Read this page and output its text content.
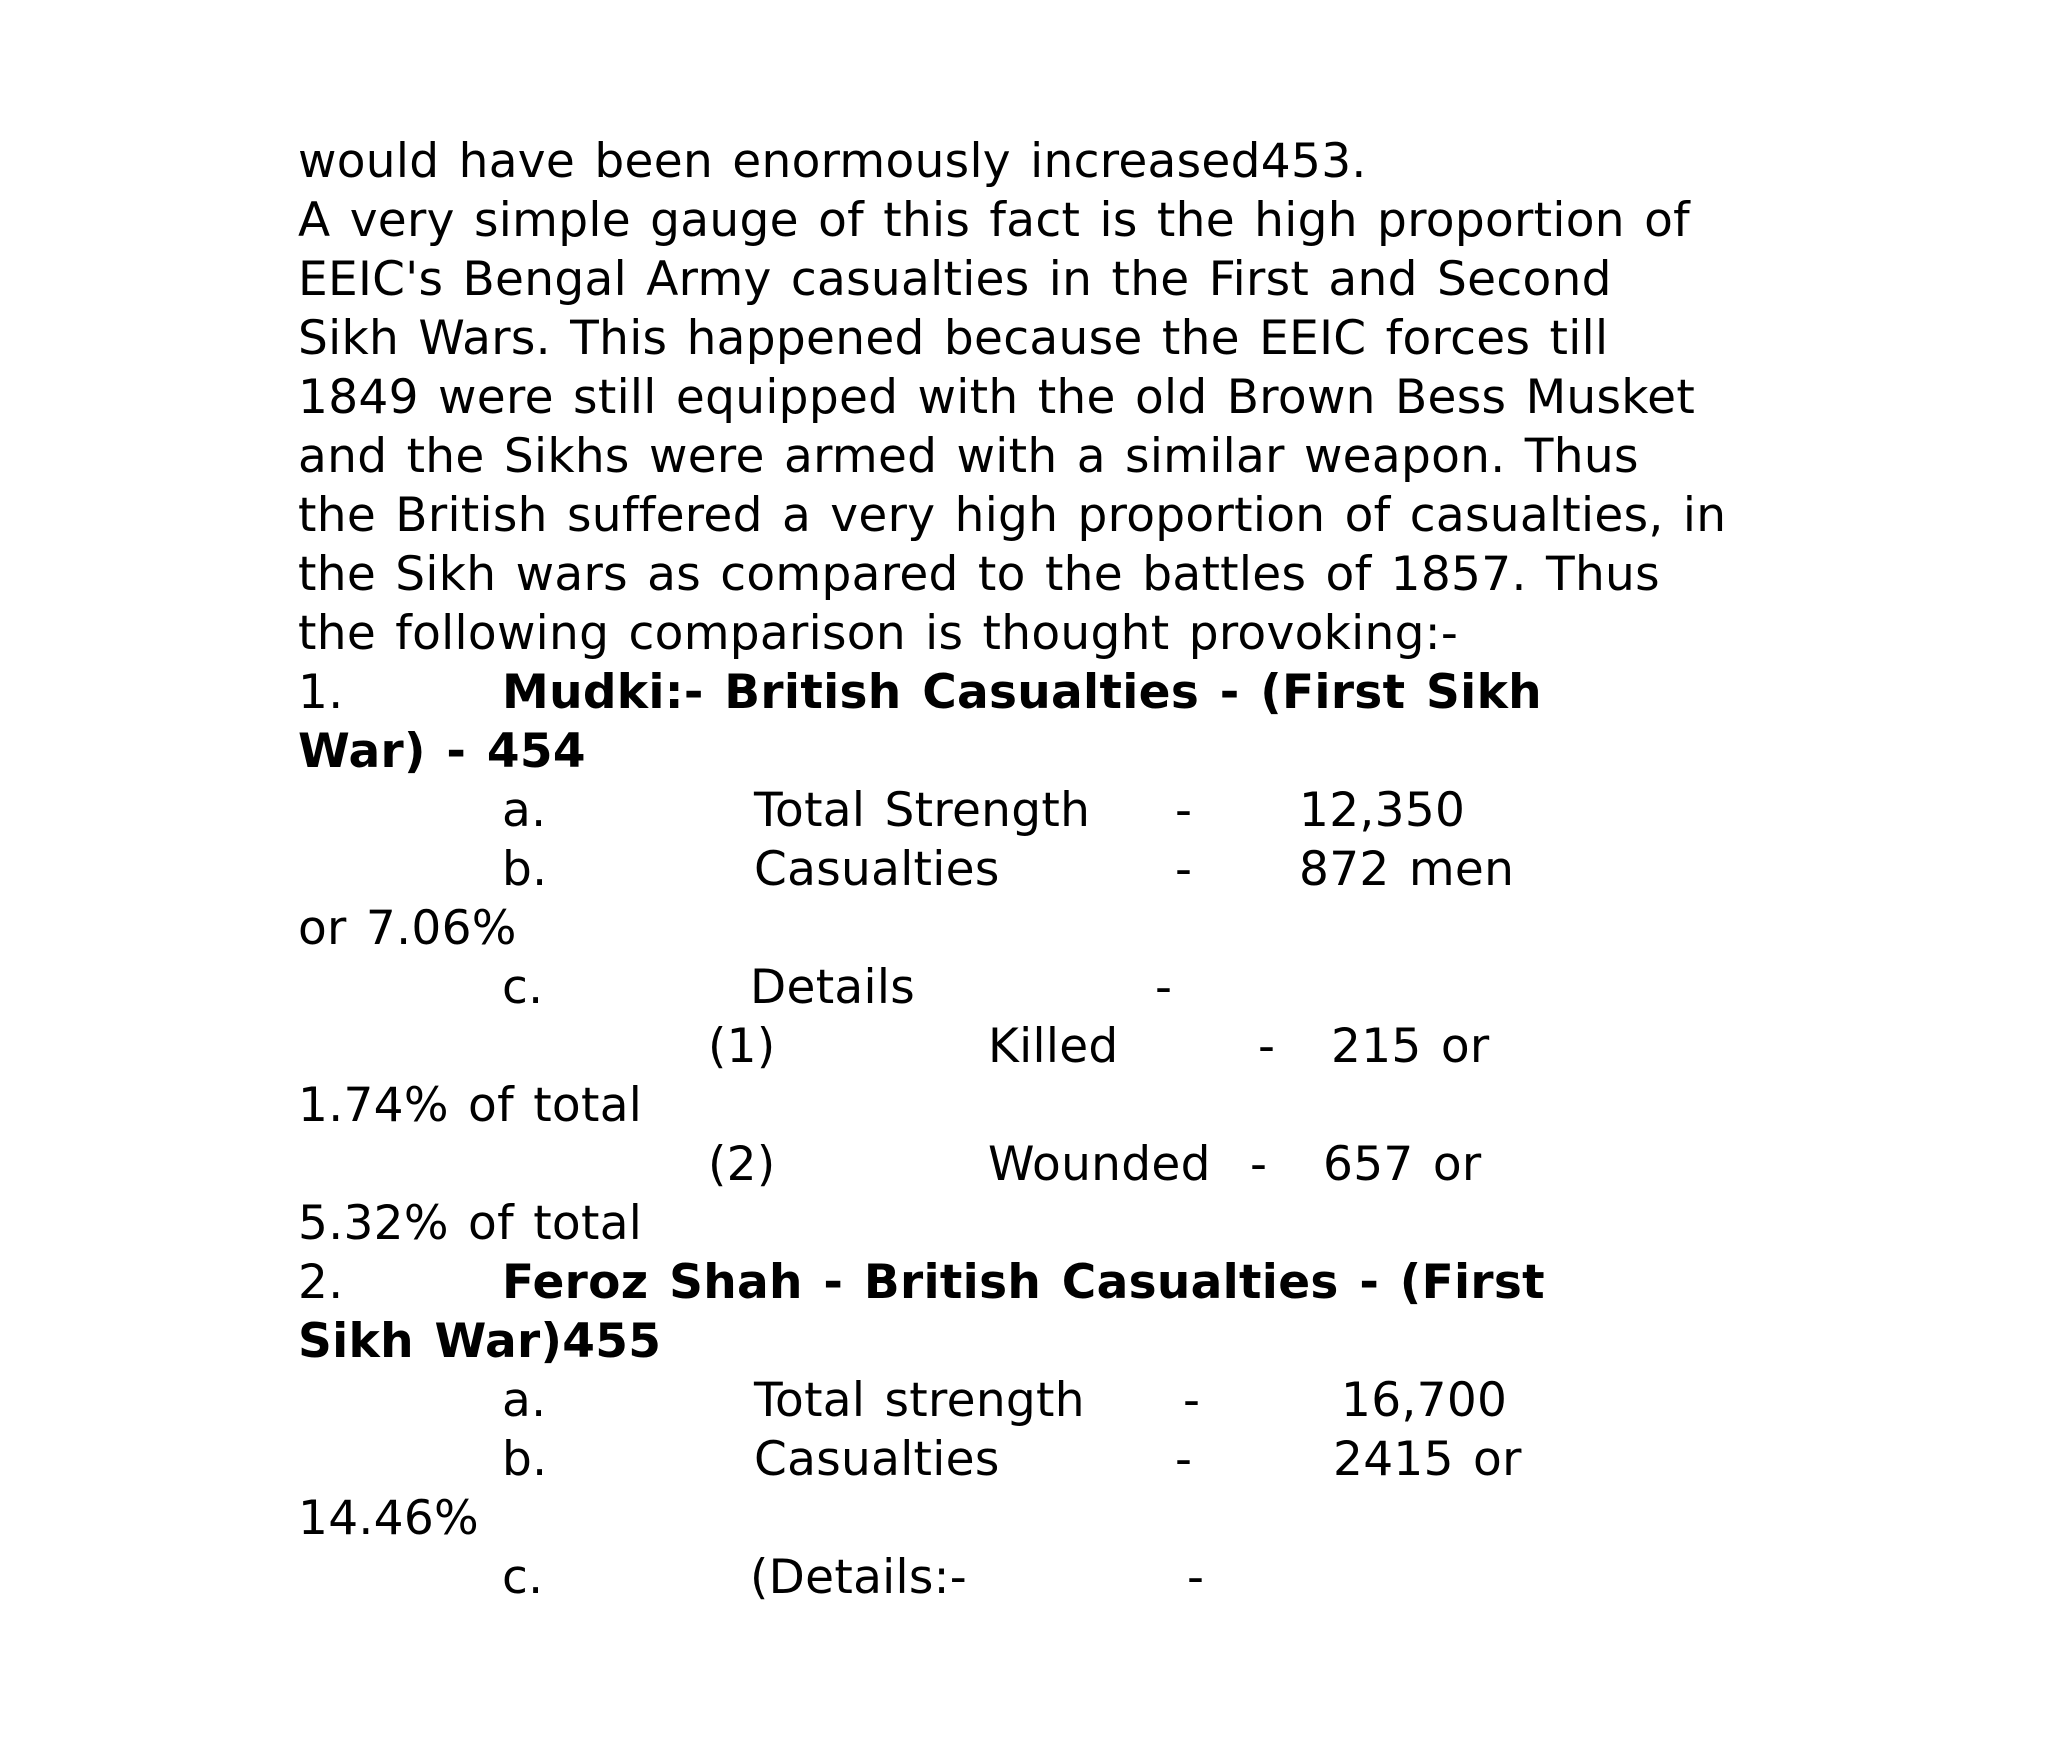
would have been enormously increased453.
A very simple gauge of this fact is the high proportion of
EEIC's Bengal Army casualties in the First and Second
Sikh Wars. This happened because the EEIC forces till
1849 were still equipped with the old Brown Bess Musket
and the Sikhs were armed with a similar weapon. Thus
the British suffered a very high proportion of casualties, in
the Sikh wars as compared to the battles of 1857. Thus
the following comparison is thought provoking:-
1.	Mudki:- British Casualties - (First Sikh
War) - 454
a.	Total Strength - 12,350
b.	Casualties	- 872 men
or 7.06%
c.	Details	-
(1)	Killed	- 215 or
1.74% of total
(2)	Wounded - 657 or
5.32% of total
2.	Feroz Shah - British Casualties - (First
Sikh War)455
a.	Total strength -	16,700
b.	Casualties	-	2415 or
14.46%
c.	(Details:-	-
